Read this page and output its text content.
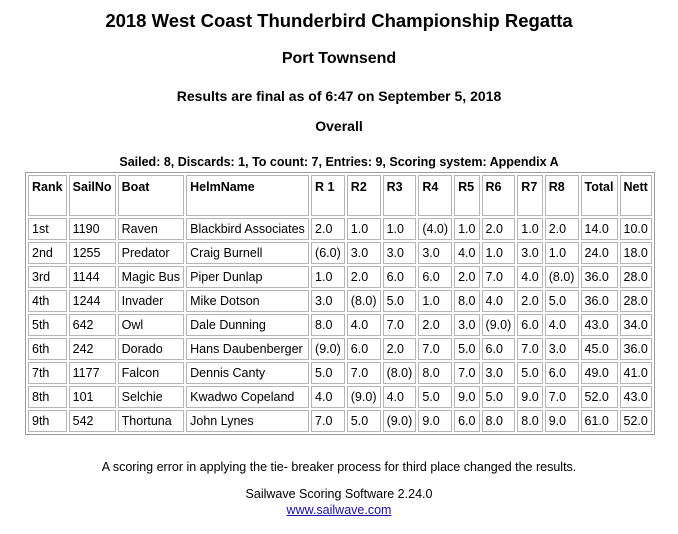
2018 West Coast Thunderbird Championship Regatta
Port Townsend
Results are final as of 6:47 on September 5, 2018
Overall
Sailed: 8, Discards: 1, To count: 7, Entries: 9, Scoring system: Appendix A
Rank	SailNo	Boat	HelmName	R 1	R2	R3	R4	R5	R6	R7	R8	Total	Nett
1st	1190	Raven	Blackbird Associates	2.0	1.0	1.0	(4.0)	1.0	2.0	1.0	2.0	14.0	10.0
2nd	1255	Predator	Craig Burnell	(6.0)	3.0	3.0	3.0	4.0	1.0	3.0	1.0	24.0	18.0
3rd	1144	Magic Bus	Piper Dunlap	1.0	2.0	6.0	6.0	2.0	7.0	4.0	(8.0)	36.0	28.0
4th	1244	Invader	Mike Dotson	3.0	(8.0)	5.0	1.0	8.0	4.0	2.0	5.0	36.0	28.0
5th	642	Owl	Dale Dunning	8.0	4.0	7.0	2.0	3.0	(9.0)	6.0	4.0	43.0	34.0
6th	242	Dorado	Hans Daubenberger	(9.0)	6.0	2.0	7.0	5.0	6.0	7.0	3.0	45.0	36.0
7th	1177	Falcon	Dennis Canty	5.0	7.0	(8.0)	8.0	7.0	3.0	5.0	6.0	49.0	41.0
8th	101	Selchie	Kwadwo Copeland	4.0	(9.0)	4.0	5.0	9.0	5.0	9.0	7.0	52.0	43.0
9th	542	Thortuna	John Lynes	7.0	5.0	(9.0)	9.0	6.0	8.0	8.0	9.0	61.0	52.0
A scoring error in applying the tie- breaker process for third place changed the results.
Sailwave Scoring Software 2.24.0
www.sailwave.com
